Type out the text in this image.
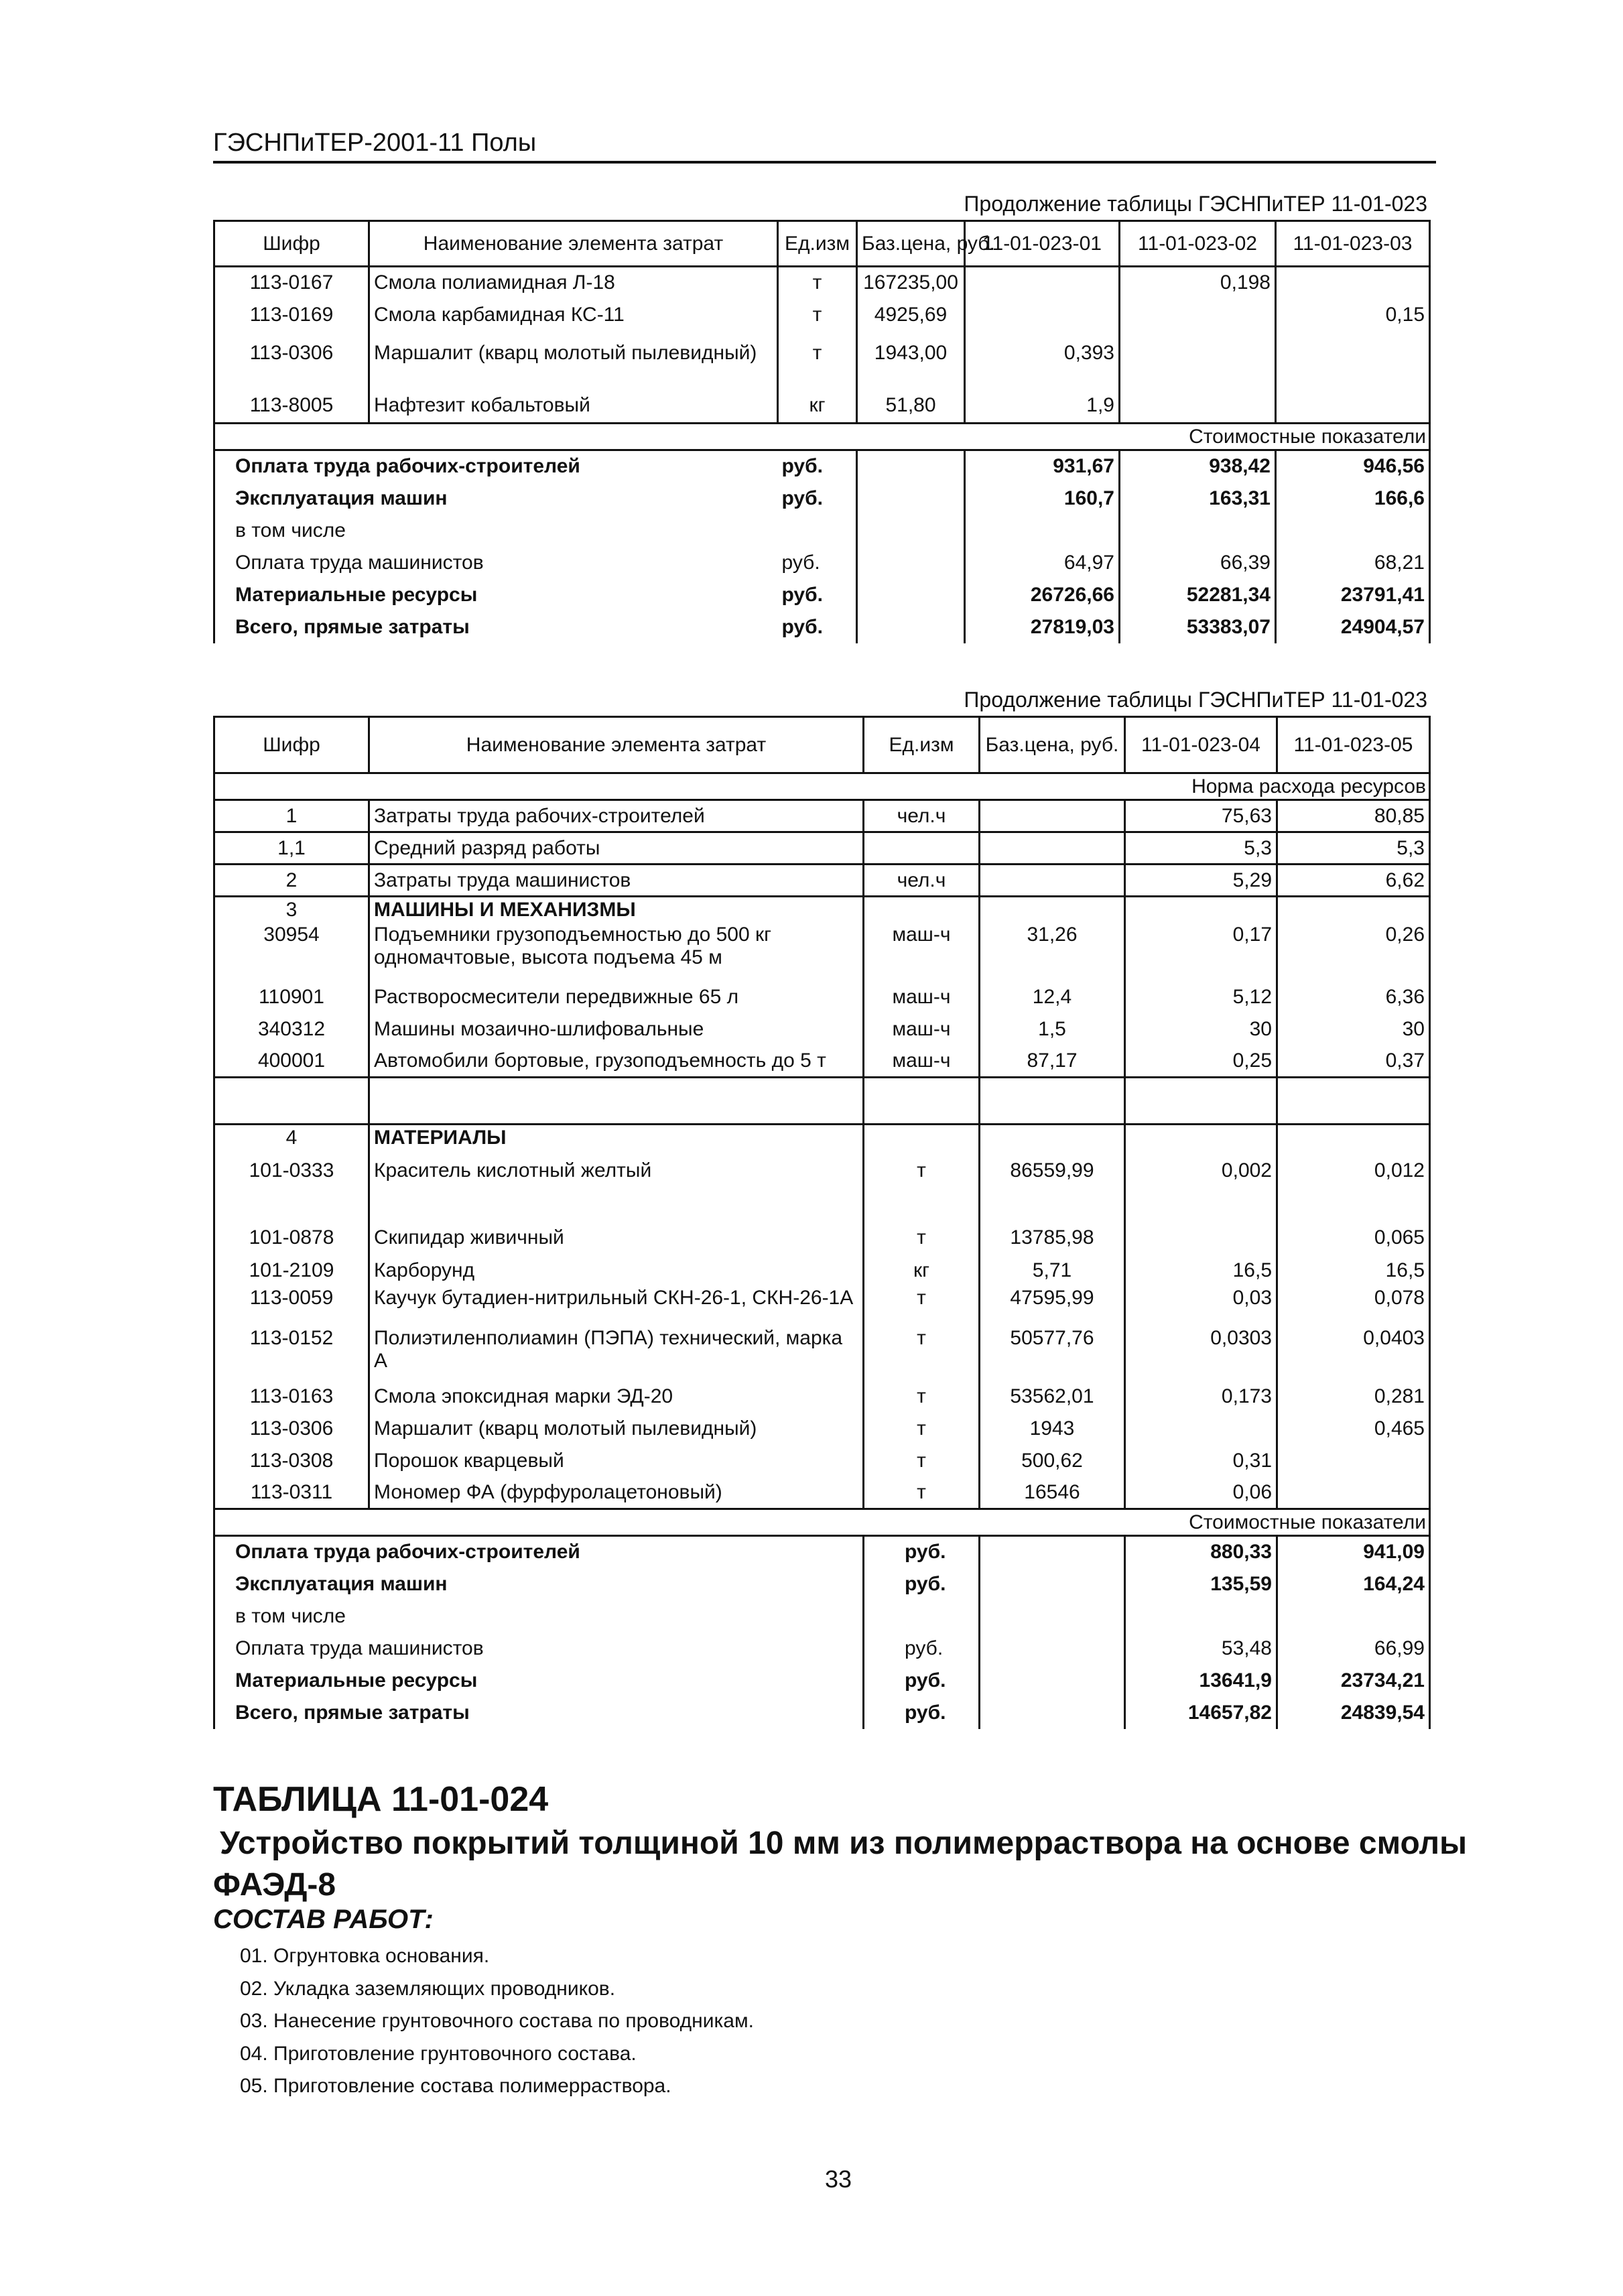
ГЭСНПиТЕР-2001-11 Полы
Продолжение таблицы ГЭСНПиТЕР 11-01-023
Шифр	Наименование элемента затрат	Ед.изм	Баз.цена, руб.	11-01-023-01	11-01-023-02	11-01-023-03
113-0167	Смола полиамидная Л-18	т	167235,00		0,198	
113-0169	Смола карбамидная КС-11	т	4925,69			0,15
113-0306	Маршалит (кварц молотый пылевидный)	т	1943,00	0,393		
113-8005	Нафтезит кобальтовый	кг	51,80	1,9		
Стоимостные показатели						
Оплата труда рабочих-строителей		руб.		931,67	938,42	946,56
Эксплуатация машин		руб.		160,7	163,31	166,6
в том числе						
Оплата труда машинистов		руб.		64,97	66,39	68,21
Материальные ресурсы		руб.		26726,66	52281,34	23791,41
Всего, прямые затраты		руб.		27819,03	53383,07	24904,57
Продолжение таблицы ГЭСНПиТЕР 11-01-023
Шифр	Наименование элемента затрат	Ед.изм	Баз.цена, руб.	11-01-023-04	11-01-023-05
Норма расхода ресурсов					
1	Затраты труда рабочих-строителей	чел.ч		75,63	80,85
1,1	Средний разряд работы			5,3	5,3
2	Затраты труда машинистов	чел.ч		5,29	6,62
3	МАШИНЫ И МЕХАНИЗМЫ				
30954	Подъемники грузоподъемностью до 500 кг одномачтовые, высота подъема 45 м	маш-ч	31,26	0,17	0,26
110901	Растворосмесители передвижные 65 л	маш-ч	12,4	5,12	6,36
340312	Машины мозаично-шлифовальные	маш-ч	1,5	30	30
400001	Автомобили бортовые, грузоподъемность до 5 т	маш-ч	87,17	0,25	0,37

4	МАТЕРИАЛЫ				
101-0333	Краситель кислотный желтый	т	86559,99	0,002	0,012
101-0878	Скипидар живичный	т	13785,98		0,065
101-2109	Карборунд	кг	5,71	16,5	16,5
113-0059	Каучук бутадиен-нитрильный СКН-26-1, СКН-26-1А	т	47595,99	0,03	0,078
113-0152	Полиэтиленполиамин (ПЭПА) технический, марка А	т	50577,76	0,0303	0,0403
113-0163	Смола эпоксидная марки ЭД-20	т	53562,01	0,173	0,281
113-0306	Маршалит (кварц молотый пылевидный)	т	1943		0,465
113-0308	Порошок кварцевый	т	500,62	0,31	
113-0311	Мономер ФА (фурфуролацетоновый)	т	16546	0,06	
Стоимостные показатели					
Оплата труда рабочих-строителей		руб.		880,33	941,09
Эксплуатация машин		руб.		135,59	164,24
в том числе					
Оплата труда машинистов		руб.		53,48	66,99
Материальные ресурсы		руб.		13641,9	23734,21
Всего, прямые затраты		руб.		14657,82	24839,54
ТАБЛИЦА 11-01-024
Устройство покрытий толщиной 10 мм из полимерраствора на основе смолы ФАЭД-8
СОСТАВ РАБОТ:
01. Огрунтовка основания.
02. Укладка заземляющих проводников.
03. Нанесение грунтовочного состава по проводникам.
04. Приготовление грунтовочного состава.
05. Приготовление состава полимерраствора.
33
